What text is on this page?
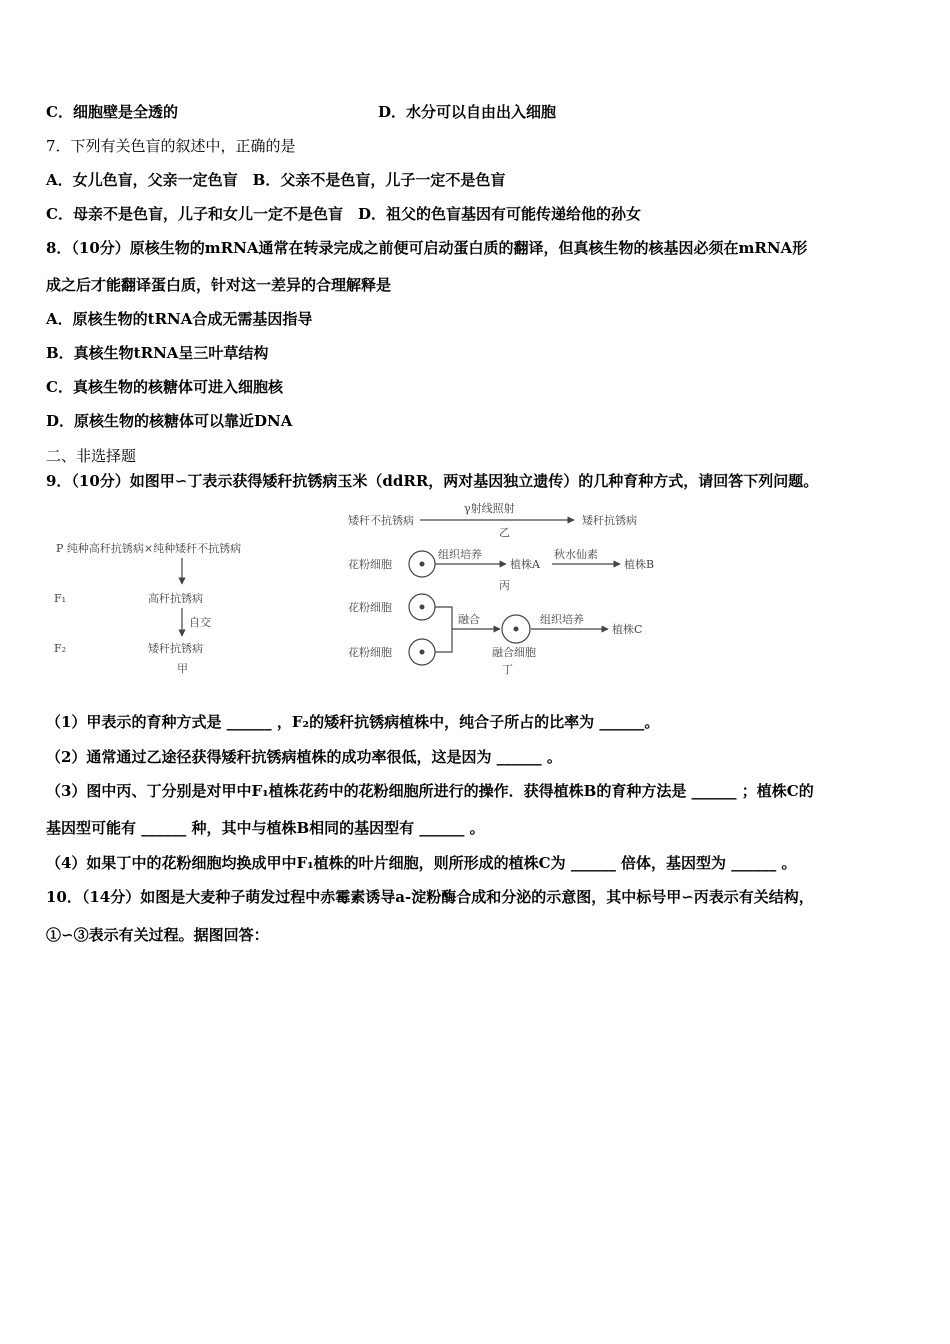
C．细胞壁是全透的	D．水分可以自由出入细胞
7．下列有关色盲的叙述中，正确的是
A．女儿色盲，父亲一定色盲　B．父亲不是色盲，儿子一定不是色盲
C．母亲不是色盲，儿子和女儿一定不是色盲　D．祖父的色盲基因有可能传递给他的孙女
8．（10分）原核生物的mRNA通常在转录完成之前便可启动蛋白质的翻译，但真核生物的核基因必须在mRNA形
成之后才能翻译蛋白质，针对这一差异的合理解释是
A．原核生物的tRNA合成无需基因指导
B．真核生物tRNA呈三叶草结构
C．真核生物的核糖体可进入细胞核
D．原核生物的核糖体可以靠近DNA
二、非选择题
9．（10分）如图甲∽丁表示获得矮秆抗锈病玉米（ddRR，两对基因独立遗传）的几种育种方式，请回答下列问题。
P 纯种高秆抗锈病×纯种矮秆不抗锈病
F₁	高秆抗锈病
自交
F₂	矮秆抗锈病
甲
矮秆不抗锈病
γ射线照射
矮秆抗锈病
乙
花粉细胞
组织培养
植株A
秋水仙素
植株B
丙
花粉细胞
花粉细胞
融合	组织培养
植株C
融合细胞
丁
（1）甲表示的育种方式是 ______ ，F₂的矮秆抗锈病植株中，纯合子所占的比率为 ______。
（2）通常通过乙途径获得矮秆抗锈病植株的成功率很低，这是因为 ______ 。
（3）图中丙、丁分别是对甲中F₁植株花药中的花粉细胞所进行的操作．获得植株B的育种方法是 ______ ；植株C的
基因型可能有 ______ 种，其中与植株B相同的基因型有 ______ 。
（4）如果丁中的花粉细胞均换成甲中F₁植株的叶片细胞，则所形成的植株C为 ______ 倍体，基因型为 ______ 。
10．（14分）如图是大麦种子萌发过程中赤霉素诱导a-淀粉酶合成和分泌的示意图，其中标号甲∽丙表示有关结构，
①∽③表示有关过程。据图回答：
